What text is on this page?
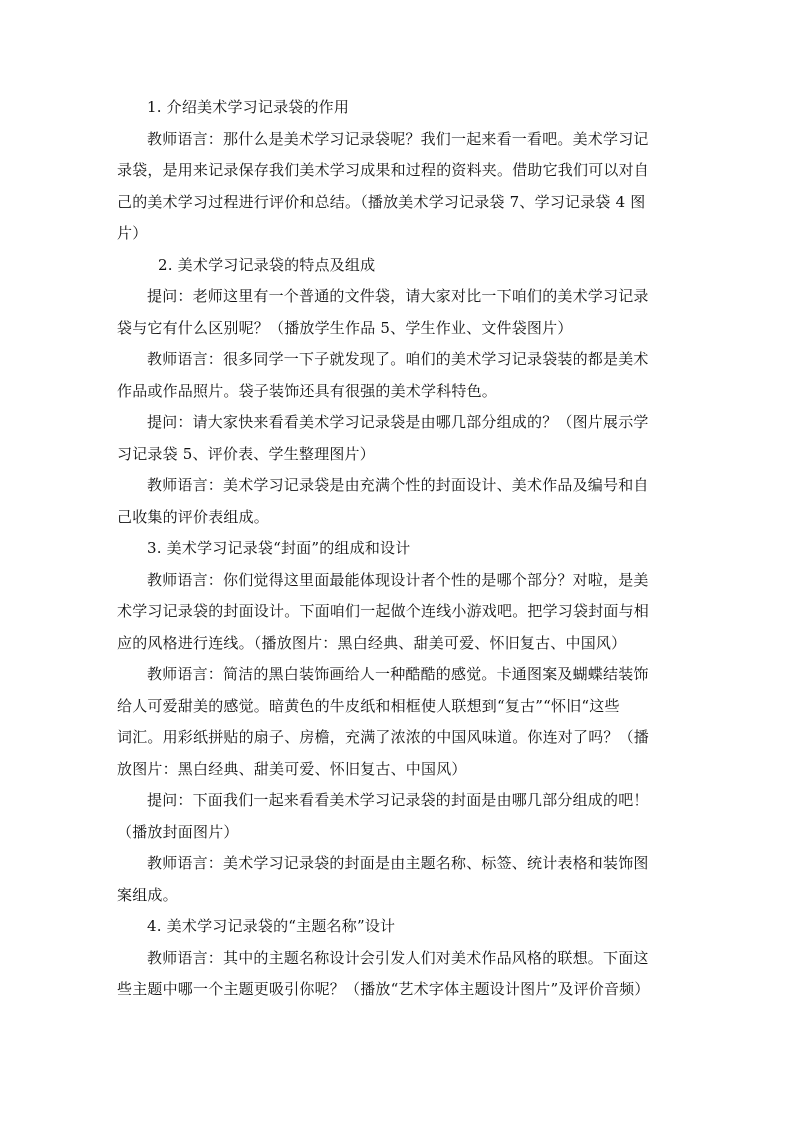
1. 介绍美术学习记录袋的作用
教师语言：那什么是美术学习记录袋呢？我们一起来看一看吧。美术学习记
录袋，是用来记录保存我们美术学习成果和过程的资料夹。借助它我们可以对自
己的美术学习过程进行评价和总结。（播放美术学习记录袋 7、学习记录袋 4 图
片）
2. 美术学习记录袋的特点及组成
提问：老师这里有一个普通的文件袋，请大家对比一下咱们的美术学习记录
袋与它有什么区别呢？（播放学生作品 5、学生作业、文件袋图片）
教师语言：很多同学一下子就发现了。咱们的美术学习记录袋装的都是美术
作品或作品照片。袋子装饰还具有很强的美术学科特色。
提问：请大家快来看看美术学习记录袋是由哪几部分组成的？（图片展示学
习记录袋 5、评价表、学生整理图片）
教师语言：美术学习记录袋是由充满个性的封面设计、美术作品及编号和自
己收集的评价表组成。
3. 美术学习记录袋“封面”的组成和设计
教师语言：你们觉得这里面最能体现设计者个性的是哪个部分？对啦，是美
术学习记录袋的封面设计。下面咱们一起做个连线小游戏吧。把学习袋封面与相
应的风格进行连线。（播放图片：黑白经典、甜美可爱、怀旧复古、中国风）
教师语言：简洁的黑白装饰画给人一种酷酷的感觉。卡通图案及蝴蝶结装饰
给人可爱甜美的感觉。暗黄色的牛皮纸和相框使人联想到“复古”“怀旧“这些
词汇。用彩纸拼贴的扇子、房檐，充满了浓浓的中国风味道。你连对了吗？（播
放图片：黑白经典、甜美可爱、怀旧复古、中国风）
提问：下面我们一起来看看美术学习记录袋的封面是由哪几部分组成的吧！
（播放封面图片）
教师语言：美术学习记录袋的封面是由主题名称、标签、统计表格和装饰图
案组成。
4. 美术学习记录袋的“主题名称”设计
教师语言：其中的主题名称设计会引发人们对美术作品风格的联想。下面这
些主题中哪一个主题更吸引你呢？（播放“艺术字体主题设计图片”及评价音频）
